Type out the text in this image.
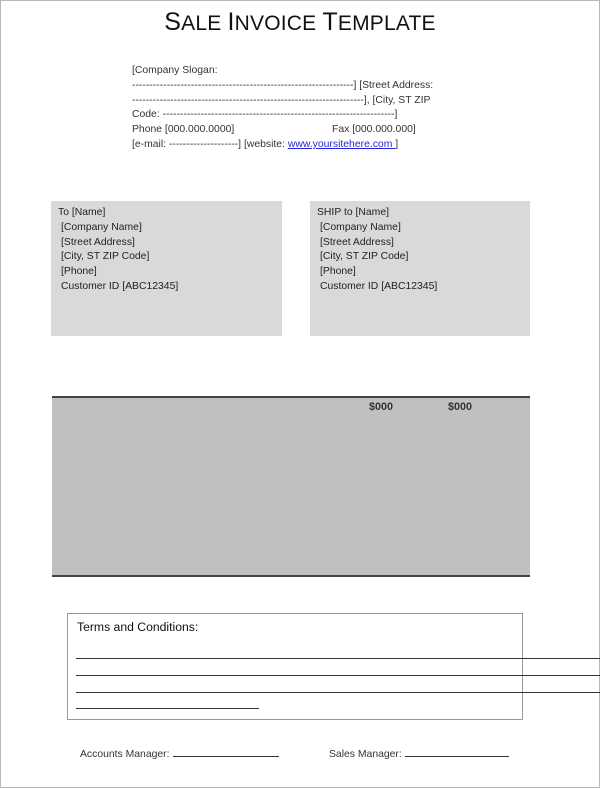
SALE INVOICE TEMPLATE
[Company Slogan:
----------------------------------------------------------------] [Street Address:
-------------------------------------------------------------------], [City, ST ZIP
Code: -------------------------------------------------------------------]
Phone [000.000.0000]	Fax [000.000.000]
[e-mail: --------------------] [website: www.yoursitehere.com ]
To [Name]
[Company Name]
[Street Address]
[City, ST ZIP Code]
[Phone]
Customer ID [ABC12345]
SHIP to [Name]
[Company Name]
[Street Address]
[City, ST ZIP Code]
[Phone]
Customer ID [ABC12345]
$000	$000
Terms and Conditions:
Accounts Manager:	Sales Manager:
